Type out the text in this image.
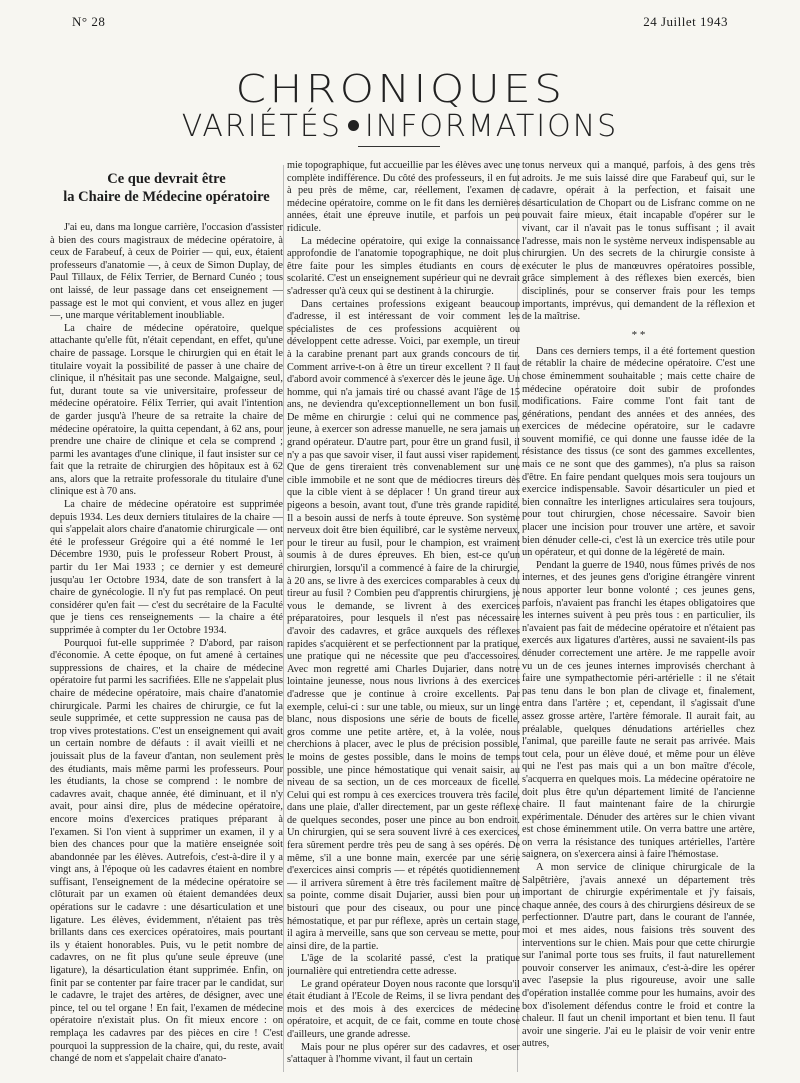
N° 28	24 Juillet 1943
CHRONIQUES
VARIÉTÉS INFORMATIONS
Ce que devrait être
la Chaire de Médecine opératoire

J'ai eu, dans ma longue carrière, l'occasion d'assister à bien des cours magistraux de médecine opératoire, à ceux de Farabeuf, à ceux de Poirier — qui, eux, étaient professeurs d'anatomie —, à ceux de Simon Duplay, de Paul Tillaux, de Félix Terrier, de Bernard Cunéo ; tous ont laissé, de leur passage dans cet enseignement — passage est le mot qui convient, et vous allez en juger —, une marque véritablement inoubliable.

La chaire de médecine opératoire, quelque attachante qu'elle fût, n'était cependant, en effet, qu'une chaire de passage. Lorsque le chirurgien qui en était le titulaire voyait la possibilité de passer à une chaire de clinique, il n'hésitait pas une seconde. Malgaigne, seul, fut, durant toute sa vie universitaire, professeur de médecine opératoire. Félix Terrier, qui avait l'intention de garder jusqu'à l'heure de sa retraite la chaire de médecine opératoire, la quitta cependant, à 62 ans, pour prendre une chaire de clinique et cela se comprend ; parmi les avantages d'une clinique, il faut insister sur ce fait que la retraite de chirurgien des hôpitaux est à 62 ans, alors que la retraite professorale du titulaire d'une clinique est à 70 ans.

La chaire de médecine opératoire est supprimée depuis 1934. Les deux derniers titulaires de la chaire — qui s'appelait alors chaire d'anatomie chirurgicale — ont été le professeur Grégoire qui a été nommé le 1er Décembre 1930, puis le professeur Robert Proust, à partir du 1er Mai 1933 ; ce dernier y est demeuré jusqu'au 1er Octobre 1934, date de son transfert à la chaire de gynécologie. Il n'y fut pas remplacé. On peut considérer qu'en fait — c'est du secrétaire de la Faculté que je tiens ces renseignements — la chaire a été supprimée à compter du 1er Octobre 1934.

Pourquoi fut-elle supprimée ? D'abord, par raison d'économie. A cette époque, on fut amené à certaines suppressions de chaires, et la chaire de médecine opératoire fut parmi les sacrifiées. Elle ne s'appelait plus chaire de médecine opératoire, mais chaire d'anatomie chirurgicale. Parmi les chaires de chirurgie, ce fut la seule supprimée, et cette suppression ne causa pas de trop vives protestations. C'est un enseignement qui avait un certain nombre de défauts : il avait vieilli et ne jouissait plus de la faveur d'antan, non seulement près des étudiants, mais même parmi les professeurs. Pour les étudiants, la chose se comprend : le nombre de cadavres avait, chaque année, été diminuant, et il n'y avait, pour ainsi dire, plus de médecine opératoire, encore moins d'exercices pratiques préparant à l'examen. Si l'on vient à supprimer un examen, il y a bien des chances pour que la matière enseignée soit abandonnée par les élèves. Autrefois, c'est-à-dire il y a vingt ans, à l'époque où les cadavres étaient en nombre suffisant, l'enseignement de la médecine opératoire se clôturait par un examen où étaient demandées deux opérations sur le cadavre : une désarticulation et une ligature. Les élèves, évidemment, n'étaient pas très brillants dans ces exercices opératoires, mais pourtant ils y étaient honorables. Puis, vu le petit nombre de cadavres, on ne fit plus qu'une seule épreuve (une ligature), la désarticulation étant supprimée. Enfin, on finit par se contenter par faire tracer par le candidat, sur le cadavre, le trajet des artères, de désigner, avec une pince, tel ou tel organe ! En fait, l'examen de médecine opératoire n'existait plus. On fit mieux encore : on remplaça les cadavres par des pièces en cire ! C'est pourquoi la suppression de la chaire, qui, du reste, avait changé de nom et s'appelait chaire d'anato-

mie topographique, fut accueillie par les élèves avec une complète indifférence. Du côté des professeurs, il en fut à peu près de même, car, réellement, l'examen de médecine opératoire, comme on le fit dans les dernières années, était une épreuve inutile, et parfois un peu ridicule.

La médecine opératoire, qui exige la connaissance approfondie de l'anatomie topographique, ne doit plus être faite pour les simples étudiants en cours de scolarité. C'est un enseignement supérieur qui ne devrait s'adresser qu'à ceux qui se destinent à la chirurgie.

Dans certaines professions exigeant beaucoup d'adresse, il est intéressant de voir comment les spécialistes de ces professions acquièrent ou développent cette adresse. Voici, par exemple, un tireur à la carabine prenant part aux grands concours de tir. Comment arrive-t-on à être un tireur excellent ? Il faut d'abord avoir commencé à s'exercer dès le jeune âge. Un homme, qui n'a jamais tiré ou chassé avant l'âge de 15 ans, ne deviendra qu'exceptionnellement un bon fusil. De même en chirurgie : celui qui ne commence pas, jeune, à exercer son adresse manuelle, ne sera jamais un grand opérateur. D'autre part, pour être un grand fusil, il n'y a pas que savoir viser, il faut aussi viser rapidement. Que de gens tireraient très convenablement sur une cible immobile et ne sont que de médiocres tireurs dès que la cible vient à se déplacer ! Un grand tireur aux pigeons a besoin, avant tout, d'une très grande rapidité. Il a besoin aussi de nerfs à toute épreuve. Son système nerveux doit être bien équilibré, car le système nerveux, pour le tireur au fusil, pour le champion, est vraiment soumis à de dures épreuves. Eh bien, est-ce qu'un chirurgien, lorsqu'il a commencé à faire de la chirurgie, à 20 ans, se livre à des exercices comparables à ceux du tireur au fusil ? Combien peu d'apprentis chirurgiens, je vous le demande, se livrent à des exercices préparatoires, pour lesquels il n'est pas nécessaire d'avoir des cadavres, et grâce auxquels des réflexes rapides s'acquièrent et se perfectionnent par la pratique, une pratique qui ne nécessite que peu d'accessoires. Avec mon regretté ami Charles Dujarier, dans notre lointaine jeunesse, nous nous livrions à des exercices d'adresse que je continue à croire excellents. Par exemple, celui-ci : sur une table, ou mieux, sur un linge blanc, nous disposions une série de bouts de ficelle, gros comme une petite artère, et, à la volée, nous cherchions à placer, avec le plus de précision possible, le moins de gestes possible, dans le moins de temps possible, une pince hémostatique qui venait saisir, au niveau de sa section, un de ces morceaux de ficelle. Celui qui est rompu à ces exercices trouvera très facile, dans une plaie, d'aller directement, par un geste réflexe de quelques secondes, poser une pince au bon endroit. Un chirurgien, qui se sera souvent livré à ces exercices, fera sûrement perdre très peu de sang à ses opérés. De même, s'il a une bonne main, exercée par une série d'exercices ainsi compris — et répétés quotidiennement — il arrivera sûrement à être très facilement maître de sa pointe, comme disait Dujarier, aussi bien pour un bistouri que pour des ciseaux, ou pour une pince hémostatique, et par pur réflexe, après un certain stage, il agira à merveille, sans que son cerveau se mette, pour ainsi dire, de la partie.

L'âge de la scolarité passé, c'est la pratique journalière qui entretiendra cette adresse.

Le grand opérateur Doyen nous raconte que lorsqu'il était étudiant à l'Ecole de Reims, il se livra pendant des mois et des mois à des exercices de médecine opératoire, et acquit, de ce fait, comme en toute chose d'ailleurs, une grande adresse.

Mais pour ne plus opérer sur des cadavres, et oser s'attaquer à l'homme vivant, il faut un certain

tonus nerveux qui a manqué, parfois, à des gens très adroits. Je me suis laissé dire que Farabeuf qui, sur le cadavre, opérait à la perfection, et faisait une désarticulation de Chopart ou de Lisfranc comme on ne pouvait faire mieux, était incapable d'opérer sur le vivant, car il n'avait pas le tonus suffisant ; il avait l'adresse, mais non le système nerveux indispensable au chirurgien. Un des secrets de la chirurgie consiste à exécuter le plus de manœuvres opératoires possible, grâce simplement à des réflexes bien exercés, bien disciplinés, pour se conserver frais pour les temps importants, imprévus, qui demandent de la réflexion et de la maîtrise.

* *

Dans ces derniers temps, il a été fortement question de rétablir la chaire de médecine opératoire. C'est une chose éminemment souhaitable ; mais cette chaire de médecine opératoire doit subir de profondes modifications. Faire comme l'ont fait tant de générations, pendant des années et des années, des exercices de médecine opératoire, sur le cadavre souvent momifié, ce qui donne une fausse idée de la résistance des tissus (ce sont des gammes excellentes, mais ce ne sont que des gammes), n'a plus sa raison d'être. En faire pendant quelques mois sera toujours un exercice indispensable. Savoir désarticuler un pied et bien connaître les interlignes articulaires sera toujours, pour tout chirurgien, chose nécessaire. Savoir bien placer une incision pour trouver une artère, et savoir bien dénuder celle-ci, c'est là un exercice très utile pour un opérateur, et qui donne de la légèreté de main.

Pendant la guerre de 1940, nous fûmes privés de nos internes, et des jeunes gens d'origine étrangère vinrent nous apporter leur bonne volonté ; ces jeunes gens, parfois, n'avaient pas franchi les étapes obligatoires que les internes suivent à peu près tous : en particulier, ils n'avaient pas fait de médecine opératoire et n'étaient pas exercés aux ligatures d'artères, aussi ne savaient-ils pas dénuder correctement une artère. Je me rappelle avoir vu un de ces jeunes internes improvisés cherchant à faire une sympathectomie péri-artérielle : il ne s'était pas tenu dans le bon plan de clivage et, finalement, entra dans l'artère ; et, cependant, il s'agissait d'une assez grosse artère, l'artère fémorale. Il aurait fait, au préalable, quelques dénudations artérielles chez l'animal, que pareille faute ne serait pas arrivée. Mais tout cela, pour un élève doué, et même pour un élève qui ne l'est pas mais qui a un bon maître d'école, s'acquerra en quelques mois. La médecine opératoire ne doit plus être qu'un département limité de l'ancienne chaire. Il faut maintenant faire de la chirurgie expérimentale. Dénuder des artères sur le chien vivant est chose éminemment utile. On verra battre une artère, on verra la résistance des tuniques artérielles, l'artère saignera, on s'exercera ainsi à faire l'hémostase.

A mon service de clinique chirurgicale de la Salpêtrière, j'avais annexé un département très important de chirurgie expérimentale et j'y faisais, chaque année, des cours à des chirurgiens désireux de se perfectionner. D'autre part, dans le courant de l'année, moi et mes aides, nous faisions très souvent des interventions sur le chien. Mais pour que cette chirurgie sur l'animal porte tous ses fruits, il faut naturellement pouvoir conserver les animaux, c'est-à-dire les opérer avec l'asepsie la plus rigoureuse, avoir une salle d'opération installée comme pour les humains, avoir des box d'isolement défendus contre le froid et contre la chaleur. Il faut un chenil important et bien tenu. Il faut avoir une singerie. J'ai eu le plaisir de voir venir entre autres,
